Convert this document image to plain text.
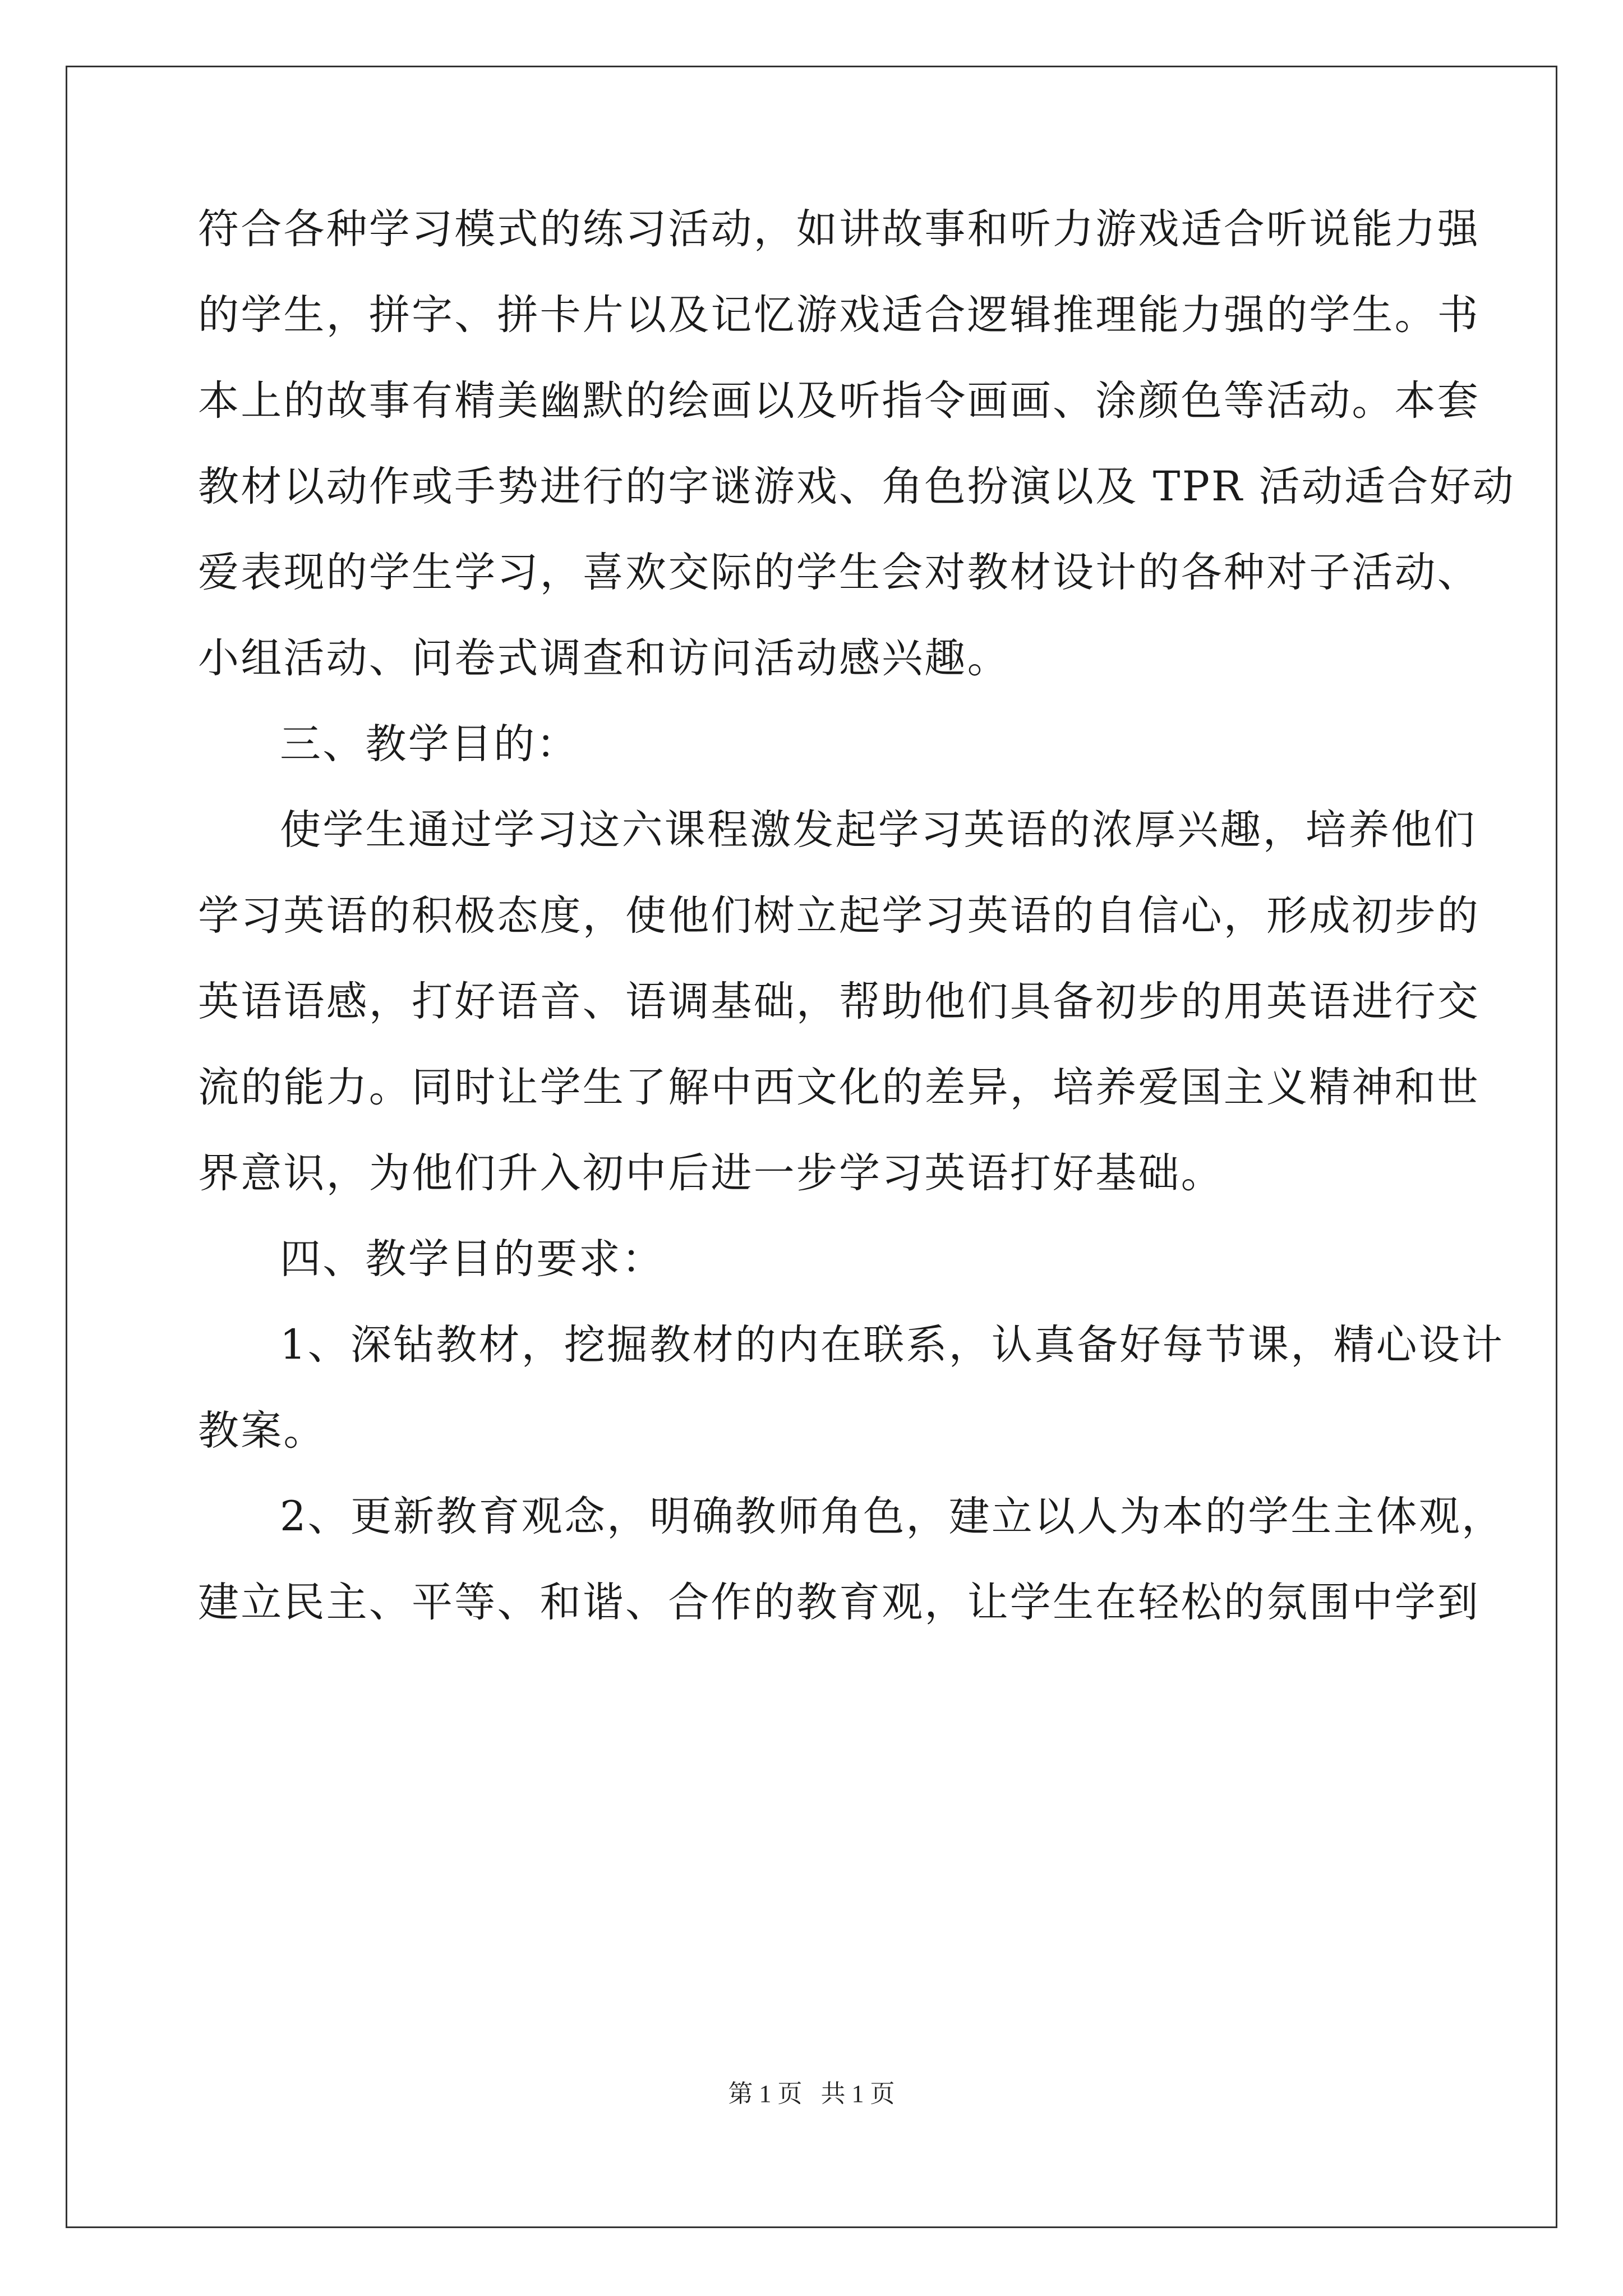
符合各种学习模式的练习活动，如讲故事和听力游戏适合听说能力强
的学生，拼字、拼卡片以及记忆游戏适合逻辑推理能力强的学生。书
本上的故事有精美幽默的绘画以及听指令画画、涂颜色等活动。本套
教材以动作或手势进行的字谜游戏、角色扮演以及 TPR 活动适合好动
爱表现的学生学习，喜欢交际的学生会对教材设计的各种对子活动、
小组活动、问卷式调查和访问活动感兴趣。
三、教学目的：
使学生通过学习这六课程激发起学习英语的浓厚兴趣，培养他们
学习英语的积极态度，使他们树立起学习英语的自信心，形成初步的
英语语感，打好语音、语调基础，帮助他们具备初步的用英语进行交
流的能力。同时让学生了解中西文化的差异，培养爱国主义精神和世
界意识，为他们升入初中后进一步学习英语打好基础。
四、教学目的要求：
1、深钻教材，挖掘教材的内在联系，认真备好每节课，精心设计
教案。
2、更新教育观念，明确教师角色，建立以人为本的学生主体观，
建立民主、平等、和谐、合作的教育观，让学生在轻松的氛围中学到
第 1 页 共 1 页
